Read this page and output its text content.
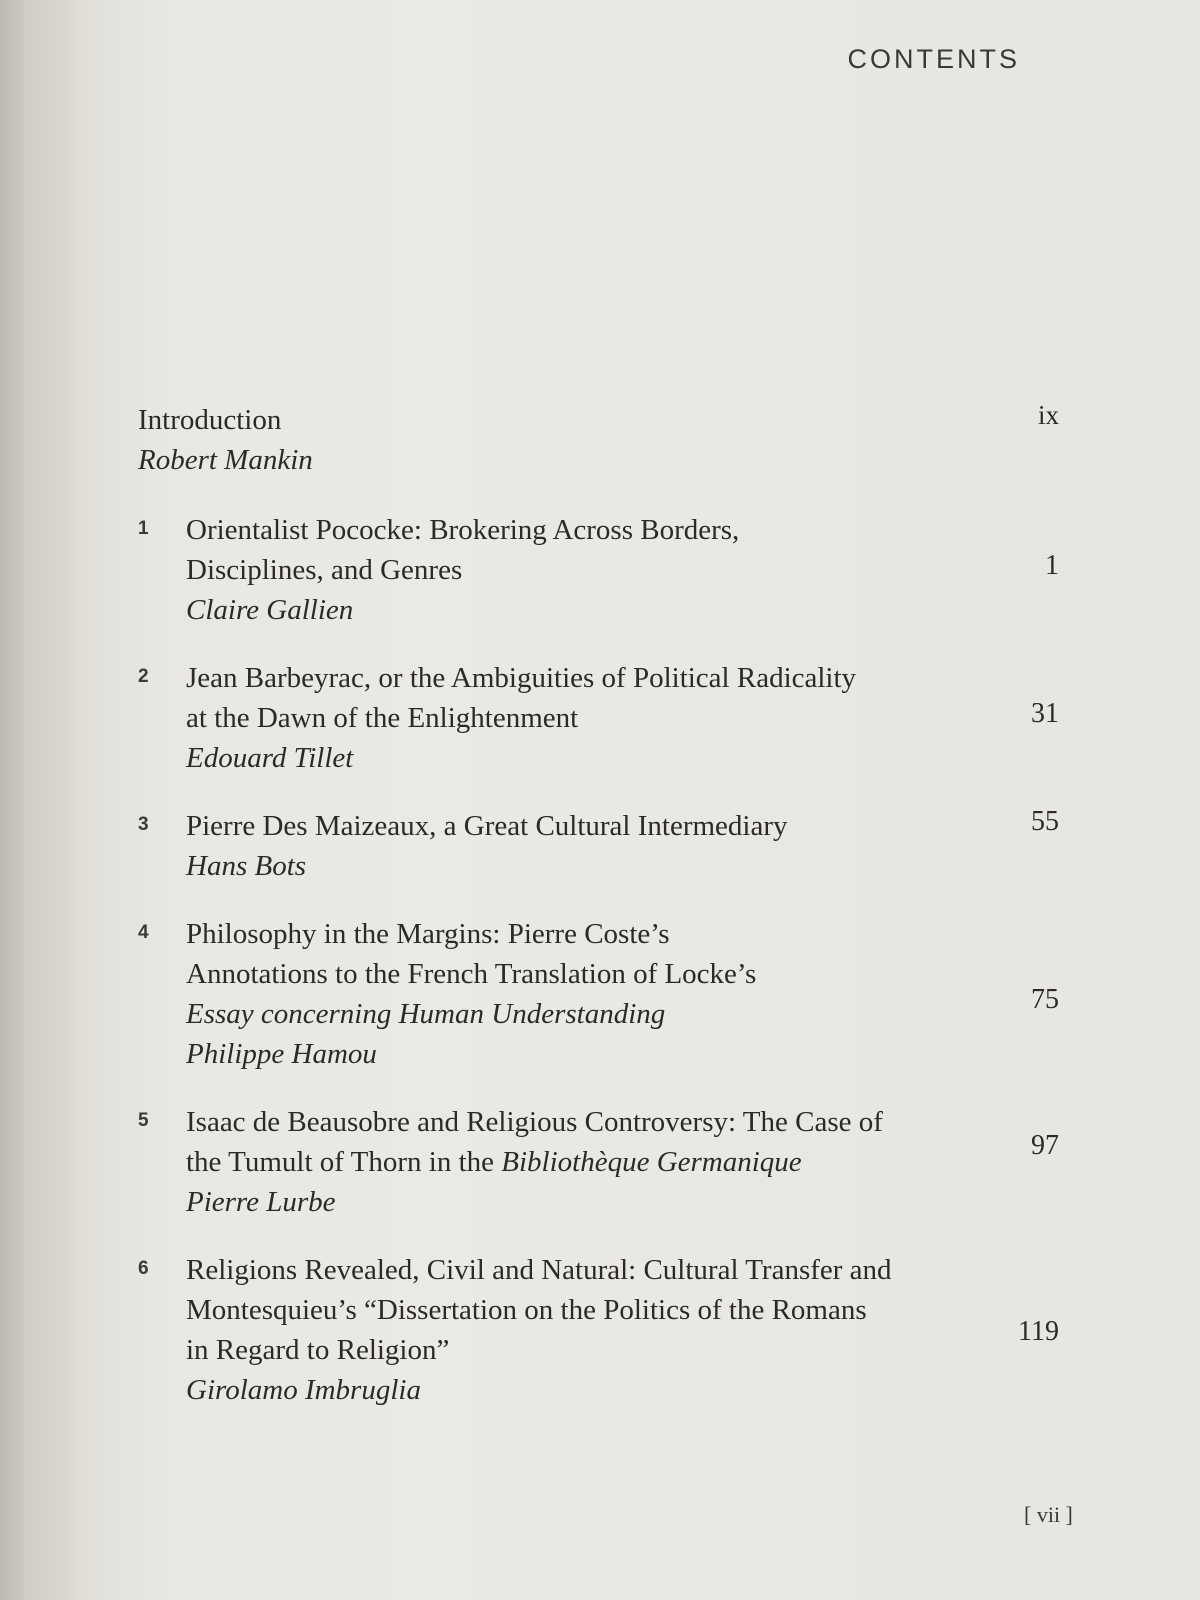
CONTENTS
Introduction
Robert Mankin
ix
1 Orientalist Pococke: Brokering Across Borders,
Disciplines, and Genres
Claire Gallien
1
2 Jean Barbeyrac, or the Ambiguities of Political Radicality
at the Dawn of the Enlightenment
Edouard Tillet
31
3 Pierre Des Maizeaux, a Great Cultural Intermediary
Hans Bots
55
4 Philosophy in the Margins: Pierre Coste’s
Annotations to the French Translation of Locke’s
Essay concerning Human Understanding
Philippe Hamou
75
5 Isaac de Beausobre and Religious Controversy: The Case of
the Tumult of Thorn in the Bibliothèque Germanique
Pierre Lurbe
97
6 Religions Revealed, Civil and Natural: Cultural Transfer and
Montesquieu’s “Dissertation on the Politics of the Romans
in Regard to Religion”
Girolamo Imbruglia
119
[ vii ]
